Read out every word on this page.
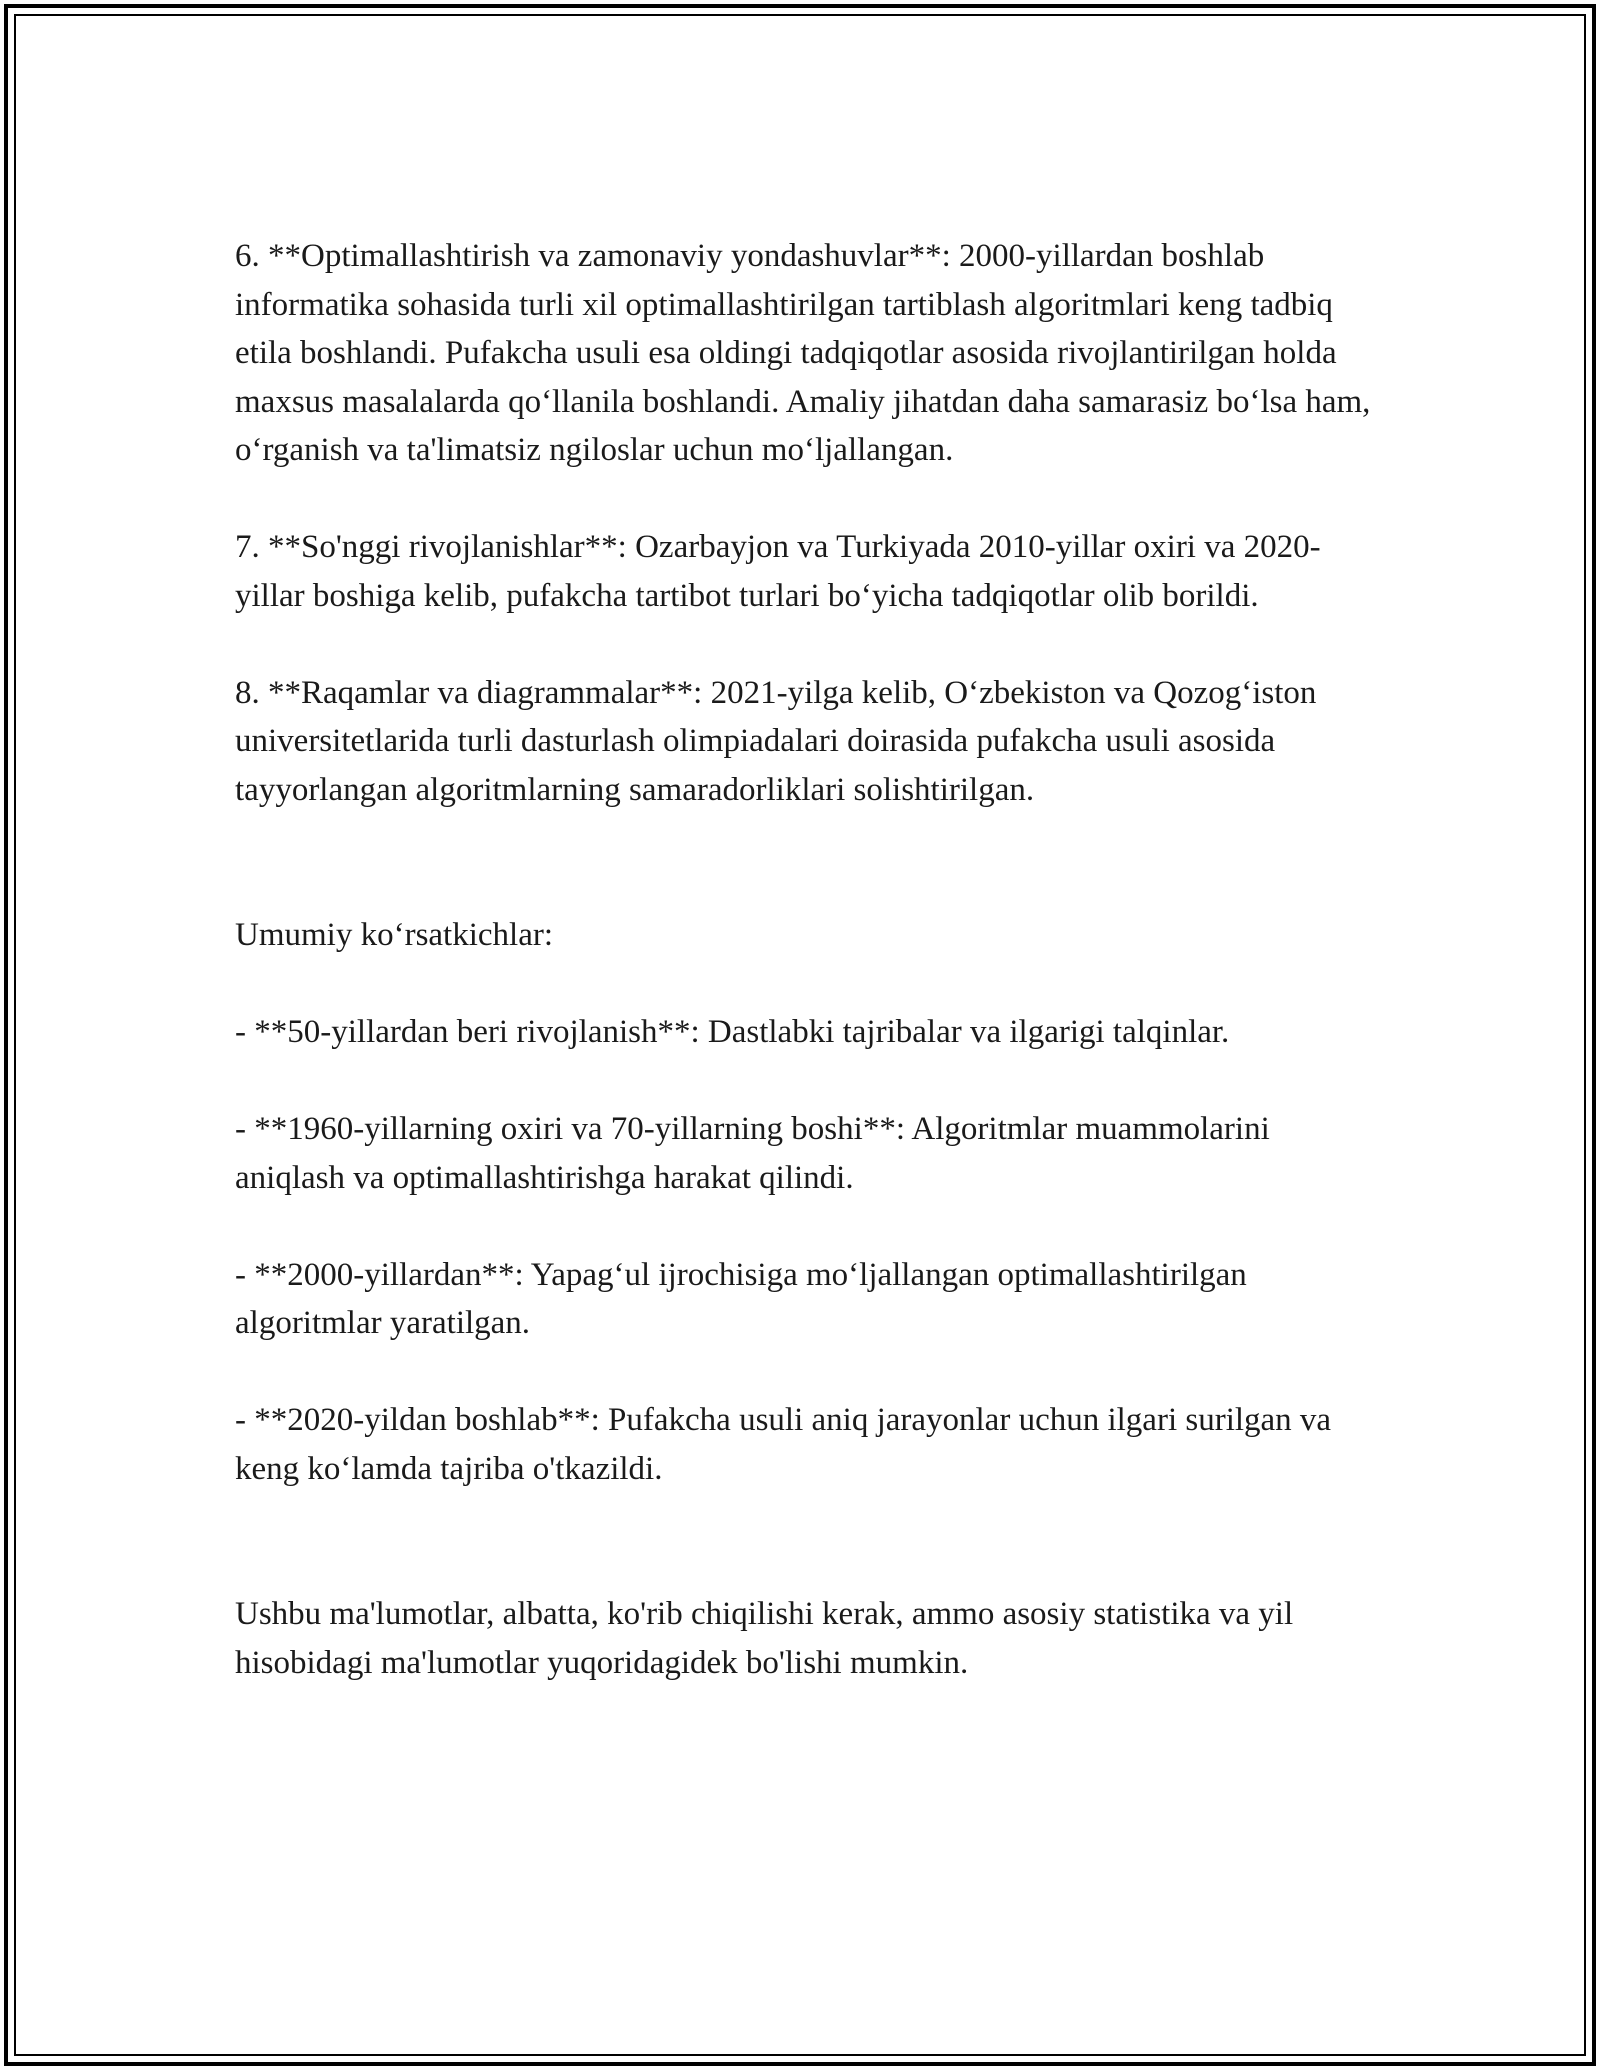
6. **Optimallashtirish va zamonaviy yondashuvlar**: 2000-yillardan boshlab informatika sohasida turli xil optimallashtirilgan tartiblash algoritmlari keng tadbiq etila boshlandi. Pufakcha usuli esa oldingi tadqiqotlar asosida rivojlantirilgan holda maxsus masalalarda qo‘llanila boshlandi. Amaliy jihatdan daha samarasiz bo‘lsa ham, o‘rganish va ta'limatsiz ngiloslar uchun mo‘ljallangan.

7. **So'nggi rivojlanishlar**: Ozarbayjon va Turkiyada 2010-yillar oxiri va 2020-yillar boshiga kelib, pufakcha tartibot turlari bo‘yicha tadqiqotlar olib borildi.

8. **Raqamlar va diagrammalar**: 2021-yilga kelib, O‘zbekiston va Qozog‘iston universitetlarida turli dasturlash olimpiadalari doirasida pufakcha usuli asosida tayyorlangan algoritmlarning samaradorliklari solishtirilgan.

Umumiy ko‘rsatkichlar:

- **50-yillardan beri rivojlanish**: Dastlabki tajribalar va ilgarigi talqinlar.

- **1960-yillarning oxiri va 70-yillarning boshi**: Algoritmlar muammolarini aniqlash va optimallashtirishga harakat qilindi.

- **2000-yillardan**: Yapag‘ul ijrochisiga mo‘ljallangan optimallashtirilgan algoritmlar yaratilgan.

- **2020-yildan boshlab**: Pufakcha usuli aniq jarayonlar uchun ilgari surilgan va keng ko‘lamda tajriba o'tkazildi.

Ushbu ma'lumotlar, albatta, ko'rib chiqilishi kerak, ammo asosiy statistika va yil hisobidagi ma'lumotlar yuqoridagidek bo'lishi mumkin.
